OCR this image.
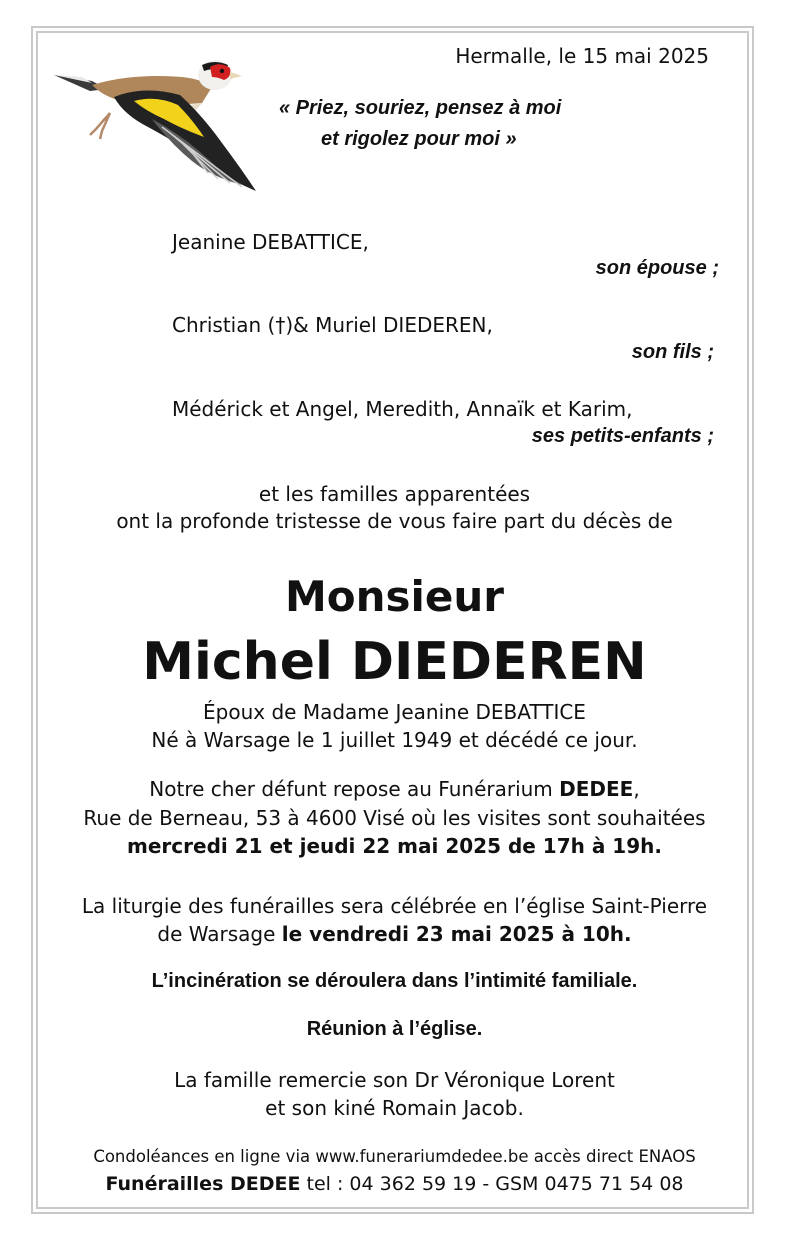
Hermalle, le 15 mai 2025
« Priez, souriez, pensez à moi
et rigolez pour moi »
Jeanine DEBATTICE,
son épouse ;
Christian (†)& Muriel DIEDEREN,
son fils ;
Médérick et Angel, Meredith, Annaïk et Karim,
ses petits-enfants ;
et les familles apparentées
ont la profonde tristesse de vous faire part du décès de
Monsieur
Michel DIEDEREN
Époux de Madame Jeanine DEBATTICE
Né à Warsage le 1 juillet 1949 et décédé ce jour.
Notre cher défunt repose au Funérarium DEDEE,
Rue de Berneau, 53 à 4600 Visé où les visites sont souhaitées
mercredi 21 et jeudi 22 mai 2025 de 17h à 19h.
La liturgie des funérailles sera célébrée en l’église Saint-Pierre
de Warsage le vendredi 23 mai 2025 à 10h.
L’incinération se déroulera dans l’intimité familiale.
Réunion à l’église.
La famille remercie son Dr Véronique Lorent
et son kiné Romain Jacob.
Condoléances en ligne via www.funerariumdedee.be accès direct ENAOS
Funérailles DEDEE tel : 04 362 59 19 - GSM 0475 71 54 08
